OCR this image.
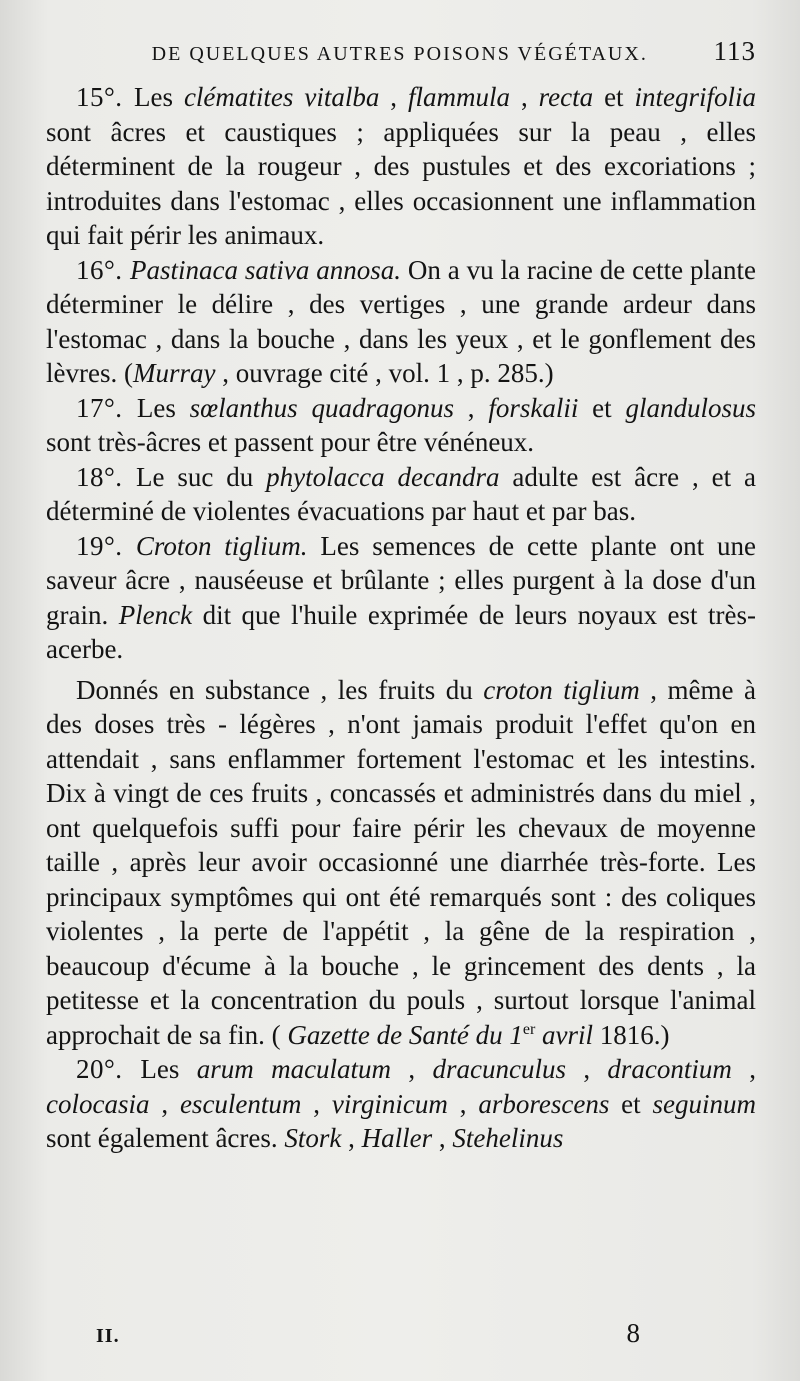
DE QUELQUES AUTRES POISONS VÉGÉTAUX.	113

15°. Les clématites vitalba , flammula , recta et integrifolia sont âcres et caustiques ; appliquées sur la peau , elles déterminent de la rougeur , des pustules et des excoriations ; introduites dans l'estomac , elles occasionnent une inflammation qui fait périr les animaux.

16°. Pastinaca sativa annosa. On a vu la racine de cette plante déterminer le délire , des vertiges , une grande ardeur dans l'estomac , dans la bouche , dans les yeux , et le gonflement des lèvres. (Murray , ouvrage cité , vol. 1 , p. 285.)

17°. Les sœlanthus quadragonus , forskalii et glandulosus sont très-âcres et passent pour être vénéneux.

18°. Le suc du phytolacca decandra adulte est âcre , et a déterminé de violentes évacuations par haut et par bas.

19°. Croton tiglium. Les semences de cette plante ont une saveur âcre , nauséeuse et brûlante ; elles purgent à la dose d'un grain. Plenck dit que l'huile exprimée de leurs noyaux est très-acerbe.

Donnés en substance , les fruits du croton tiglium , même à des doses très - légères , n'ont jamais produit l'effet qu'on en attendait , sans enflammer fortement l'estomac et les intestins. Dix à vingt de ces fruits , concassés et administrés dans du miel , ont quelquefois suffi pour faire périr les chevaux de moyenne taille , après leur avoir occasionné une diarrhée très-forte. Les principaux symptômes qui ont été remarqués sont : des coliques violentes , la perte de l'appétit , la gêne de la respiration , beaucoup d'écume à la bouche , le grincement des dents , la petitesse et la concentration du pouls , surtout lorsque l'animal approchait de sa fin. ( Gazette de Santé du 1er avril 1816.)

20°. Les arum maculatum , dracunculus , dracontium , colocasia , esculentum , virginicum , arborescens et seguinum sont également âcres. Stork , Haller , Stehelinus

II.	8
